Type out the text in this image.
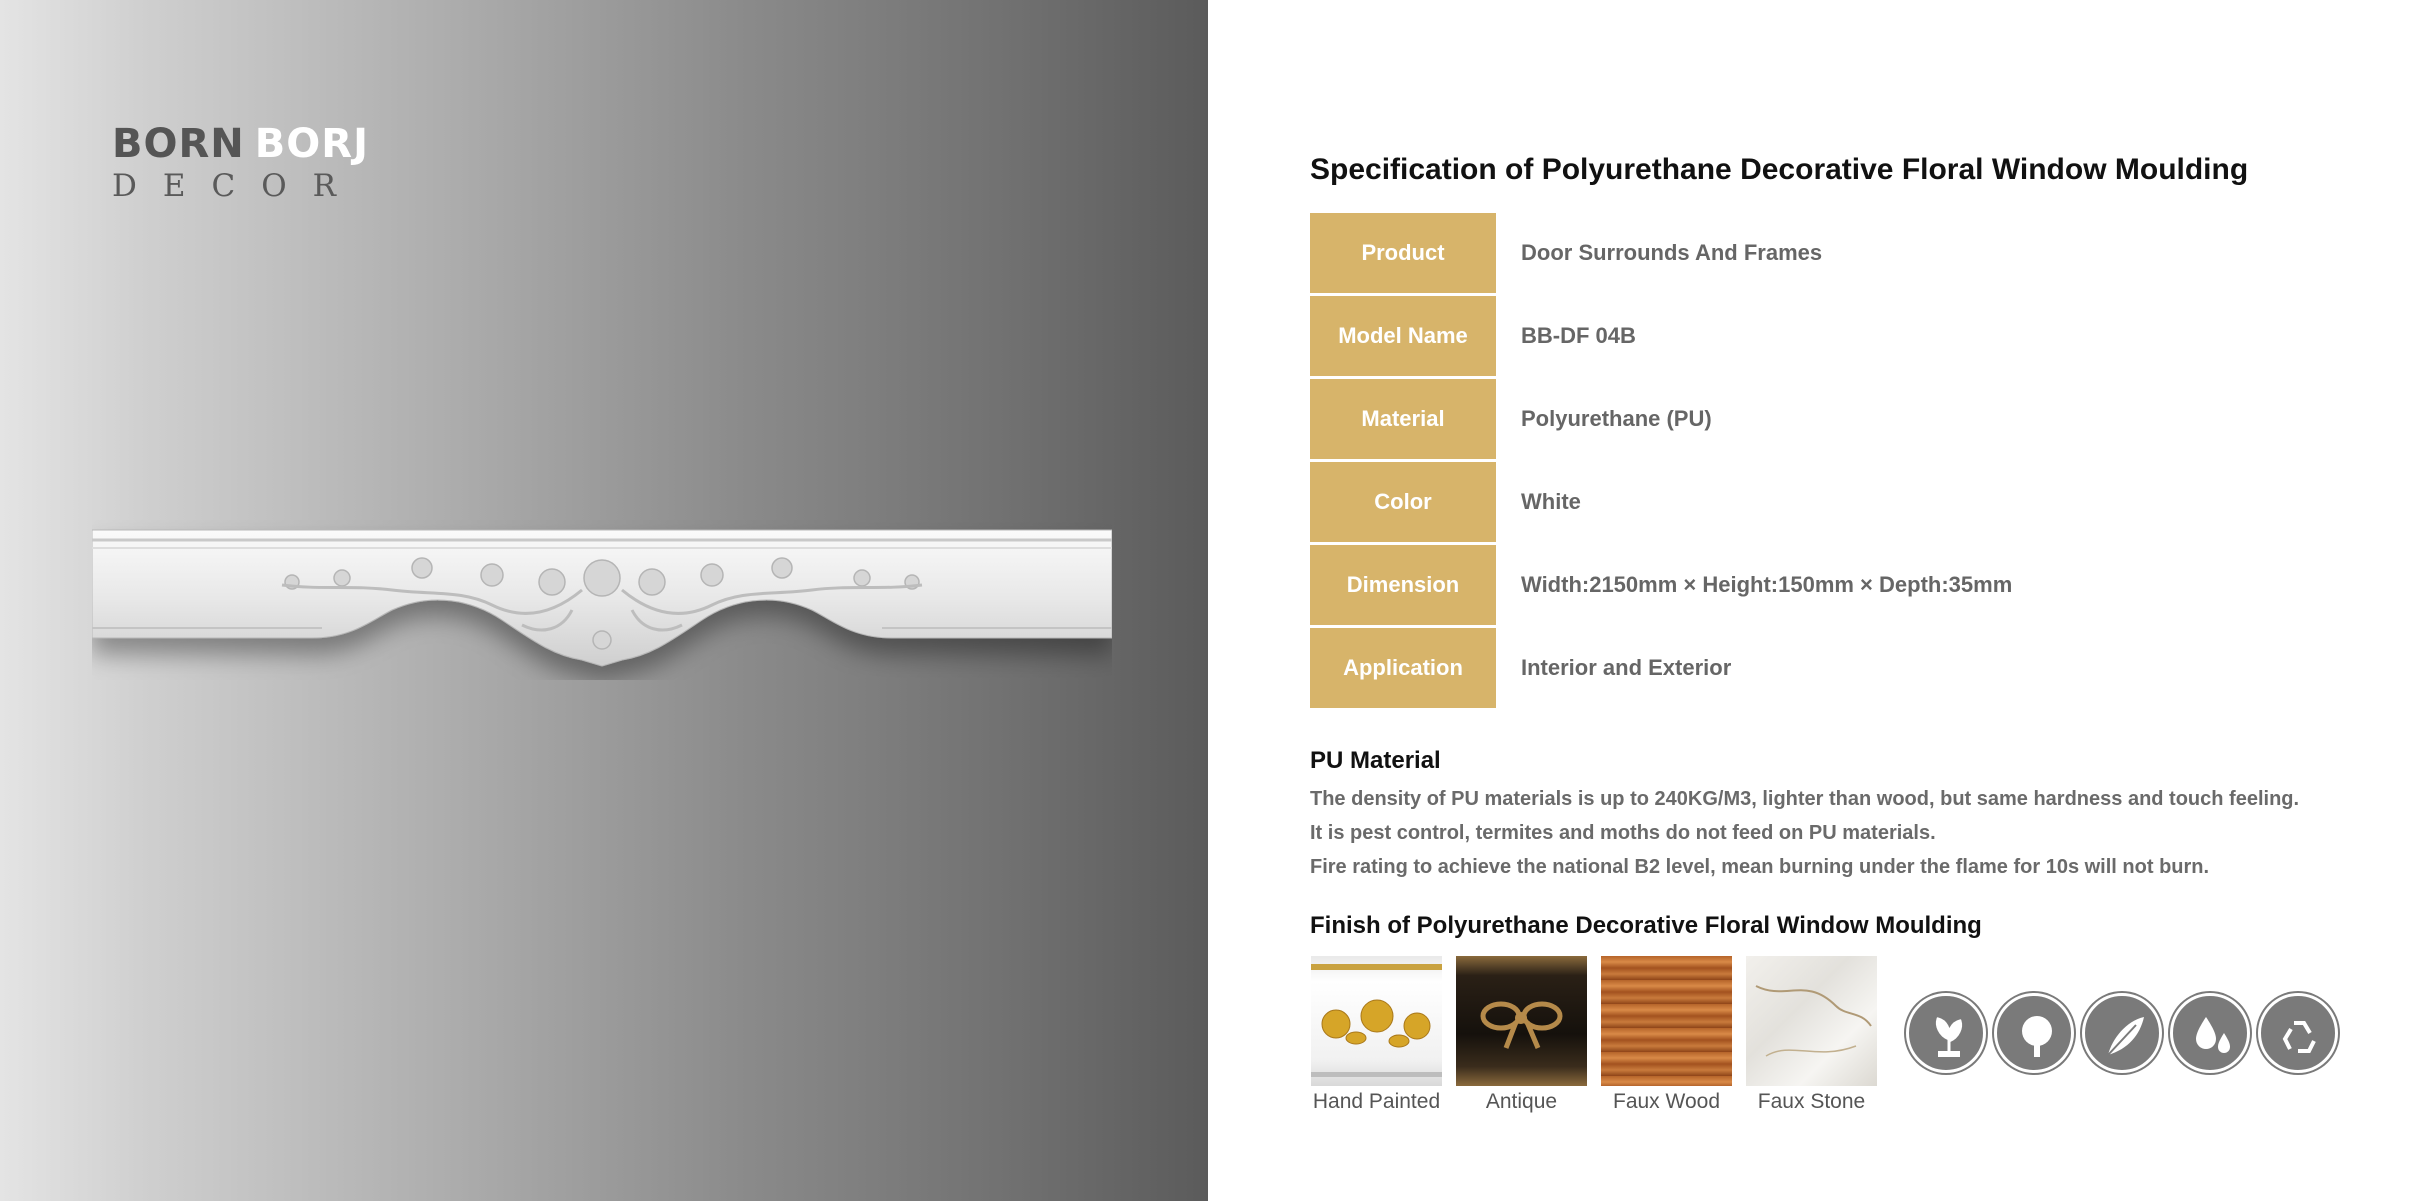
BORN BORJ
DECOR	Specification of Polyurethane Decorative Floral Window Moulding
Product	Door Surrounds And Frames
Model Name	BB-DF 04B
Material	Polyurethane (PU)
Color	White
Dimension	Width:2150mm × Height:150mm × Depth:35mm
Application	Interior and Exterior
PU Material
The density of PU materials is up to 240KG/M3, lighter than wood, but same hardness and touch feeling.
It is pest control, termites and moths do not feed on PU materials.
Fire rating to achieve the national B2 level, mean burning under the flame for 10s will not burn.
Finish of Polyurethane Decorative Floral Window Moulding
Hand Painted	Antique	Faux Wood	Faux Stone
